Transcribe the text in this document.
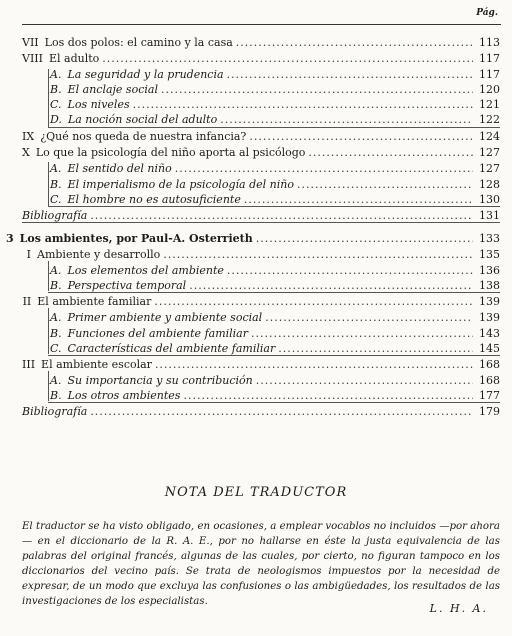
Pág.
VII Los dos polos: el camino y la casa .....	113
VIII El adulto .....	117
A. La seguridad y la prudencia .....	117
B. El anclaje social .....	120
C. Los niveles .....	121
D. La noción social del adulto .....	122
IX ¿Qué nos queda de nuestra infancia? .....	124
X Lo que la psicología del niño aporta al psicólogo .....	127
A. El sentido del niño .....	127
B. El imperialismo de la psicología del niño .....	128
C. El hombre no es autosuficiente .....	130
Bibliografía .....	131
3 Los ambientes, por Paul-A. Osterrieth .....	133
I Ambiente y desarrollo .....	135
A. Los elementos del ambiente .....	136
B. Perspectiva temporal .....	138
II El ambiente familiar .....	139
A. Primer ambiente y ambiente social .....	139
B. Funciones del ambiente familiar .....	143
C. Características del ambiente familiar .....	145
III El ambiente escolar .....	168
A. Su importancia y su contribución .....	168
B. Los otros ambientes .....	177
Bibliografía .....	179
NOTA DEL TRADUCTOR
El traductor se ha visto obligado, en ocasiones, a emplear vocablos no incluidos —por ahora— en el diccionario de la R. A. E., por no hallarse en éste la justa equivalencia de las palabras del original francés, algunas de las cuales, por cierto, no figuran tampoco en los diccionarios del vecino país. Se trata de neologismos impuestos por la necesidad de expresar, de un modo que excluya las confusiones o las ambigüedades, los resultados de las investigaciones de los especialistas.
L. H. A.
